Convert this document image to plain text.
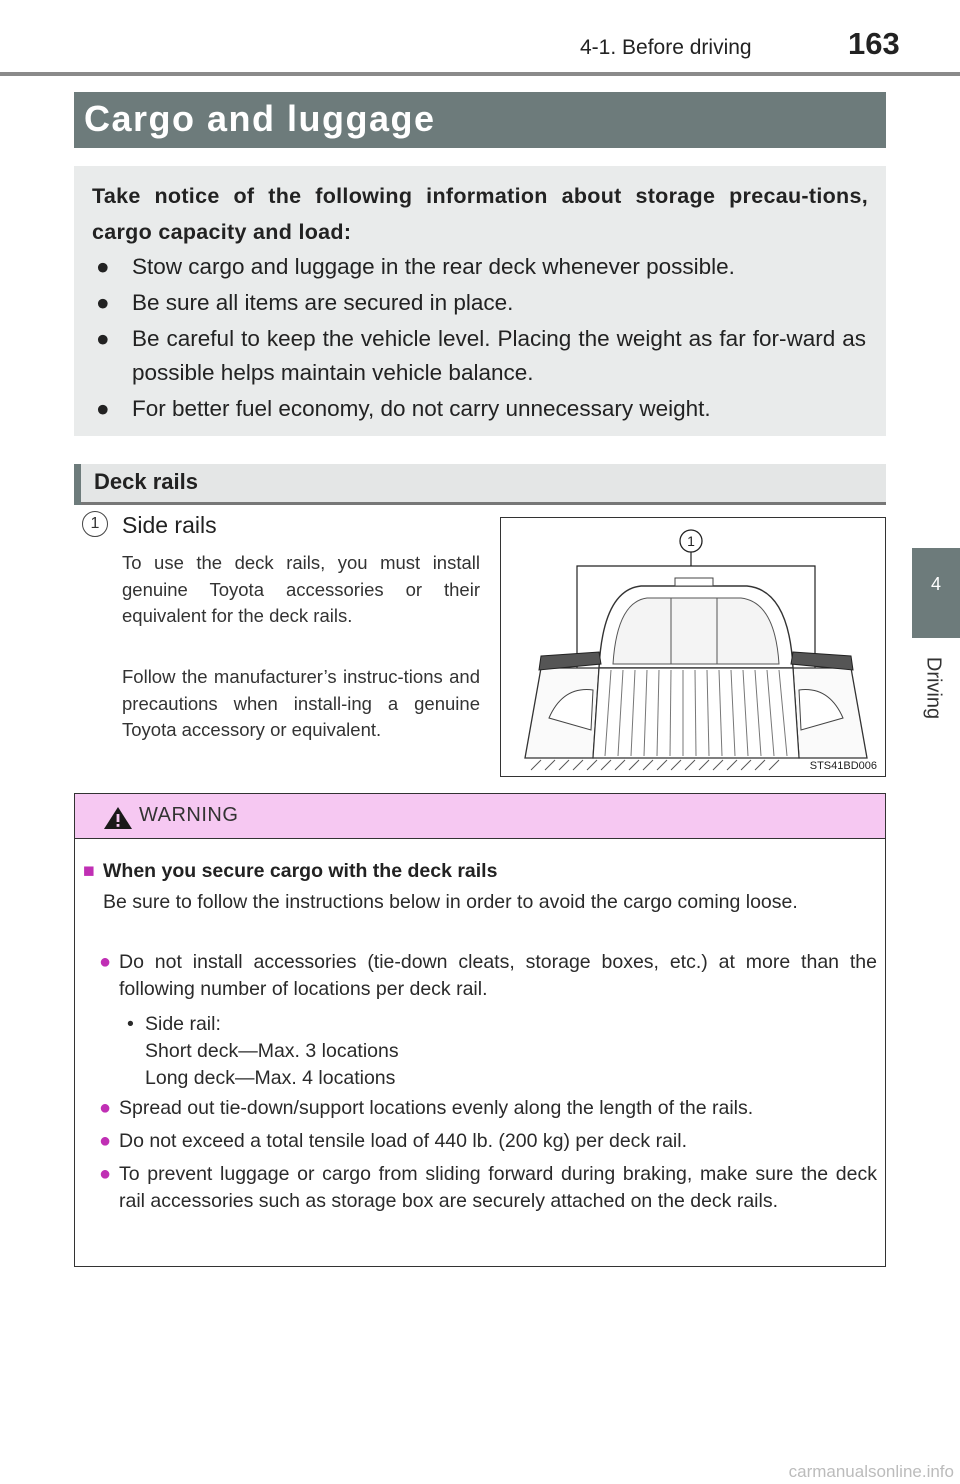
4-1. Before driving	163
Cargo and luggage
4
Driving
Take notice of the following information about storage precau-tions, cargo capacity and load:
● Stow cargo and luggage in the rear deck whenever possible.
● Be sure all items are secured in place.
● Be careful to keep the vehicle level. Placing the weight as far for-ward as possible helps maintain vehicle balance.
● For better fuel economy, do not carry unnecessary weight.
Deck rails
1 Side rails
To use the deck rails, you must install genuine Toyota accessories or their equivalent for the deck rails.
Follow the manufacturer’s instruc-tions and precautions when install-ing a genuine Toyota accessory or equivalent.
1
STS41BD006
WARNING
■ When you secure cargo with the deck rails
Be sure to follow the instructions below in order to avoid the cargo coming loose.
● Do not install accessories (tie-down cleats, storage boxes, etc.) at more than the following number of locations per deck rail.
• Side rail:
Short deck—Max. 3 locations
Long deck—Max. 4 locations
● Spread out tie-down/support locations evenly along the length of the rails.
● Do not exceed a total tensile load of 440 lb. (200 kg) per deck rail.
● To prevent luggage or cargo from sliding forward during braking, make sure the deck rail accessories such as storage box are securely attached on the deck rails.
carmanualsonline.info
